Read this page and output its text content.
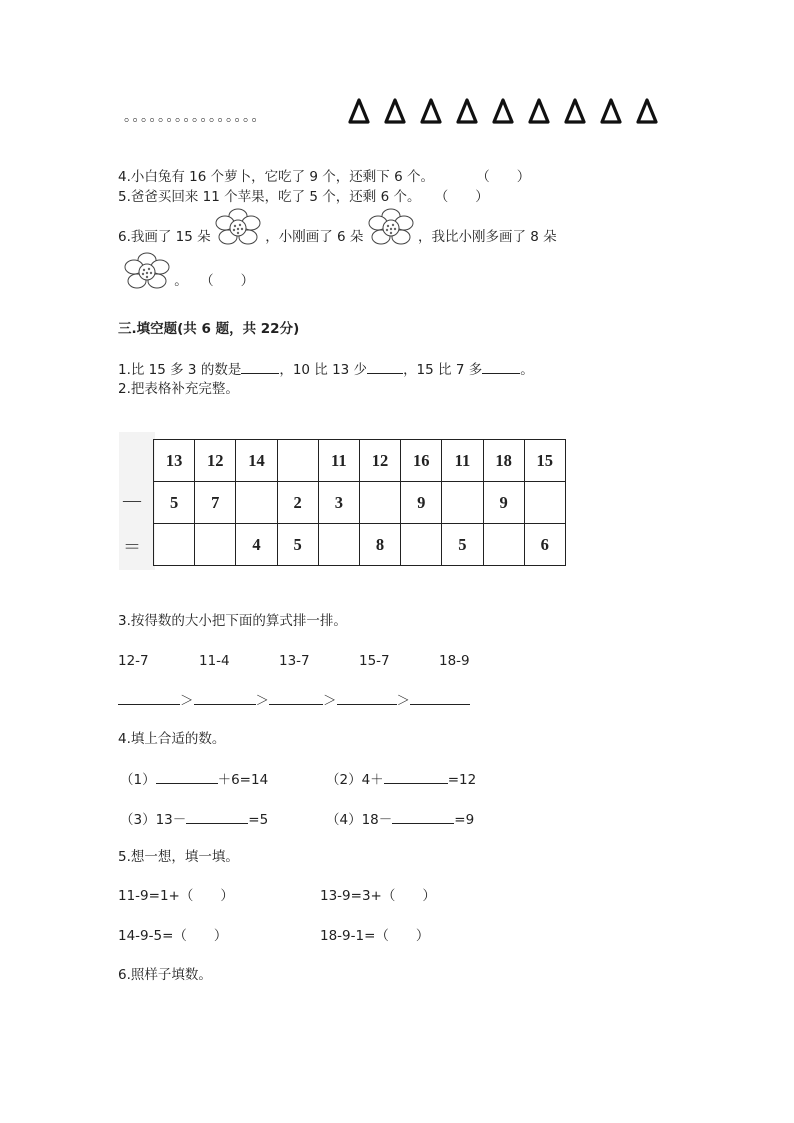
。。。。。。。。。。。。。。。。
4.小白兔有 16 个萝卜，它吃了 9 个，还剩下 6 个。	（　　）
5.爸爸买回来 11 个苹果，吃了 5 个，还剩 6 个。 （　　）
6.我画了 15 朵	，小刚画了 6 朵	，我比小刚多画了 8 朵
。 （　　）
三.填空题(共 6 题，共 22分)
1.比 15 多 3 的数是	，10 比 13 少	，15 比 7 多	。
2.把表格补充完整。
—
＝
13	12	14		11	12	16	11	18	15
5	7		2	3		9		9	
		4	5		8		5		6
3.按得数的大小把下面的算式排一排。
12-7	11-4	13-7	15-7	18-9
＞	＞	＞	＞
4.填上合适的数。
（1）	＋6=14	（2）4＋	=12
（3）13－	=5	（4）18－	=9
5.想一想，填一填。
11-9=1+（　　）	13-9=3+（　　）
14-9-5=（　　）	18-9-1=（　　）
6.照样子填数。
